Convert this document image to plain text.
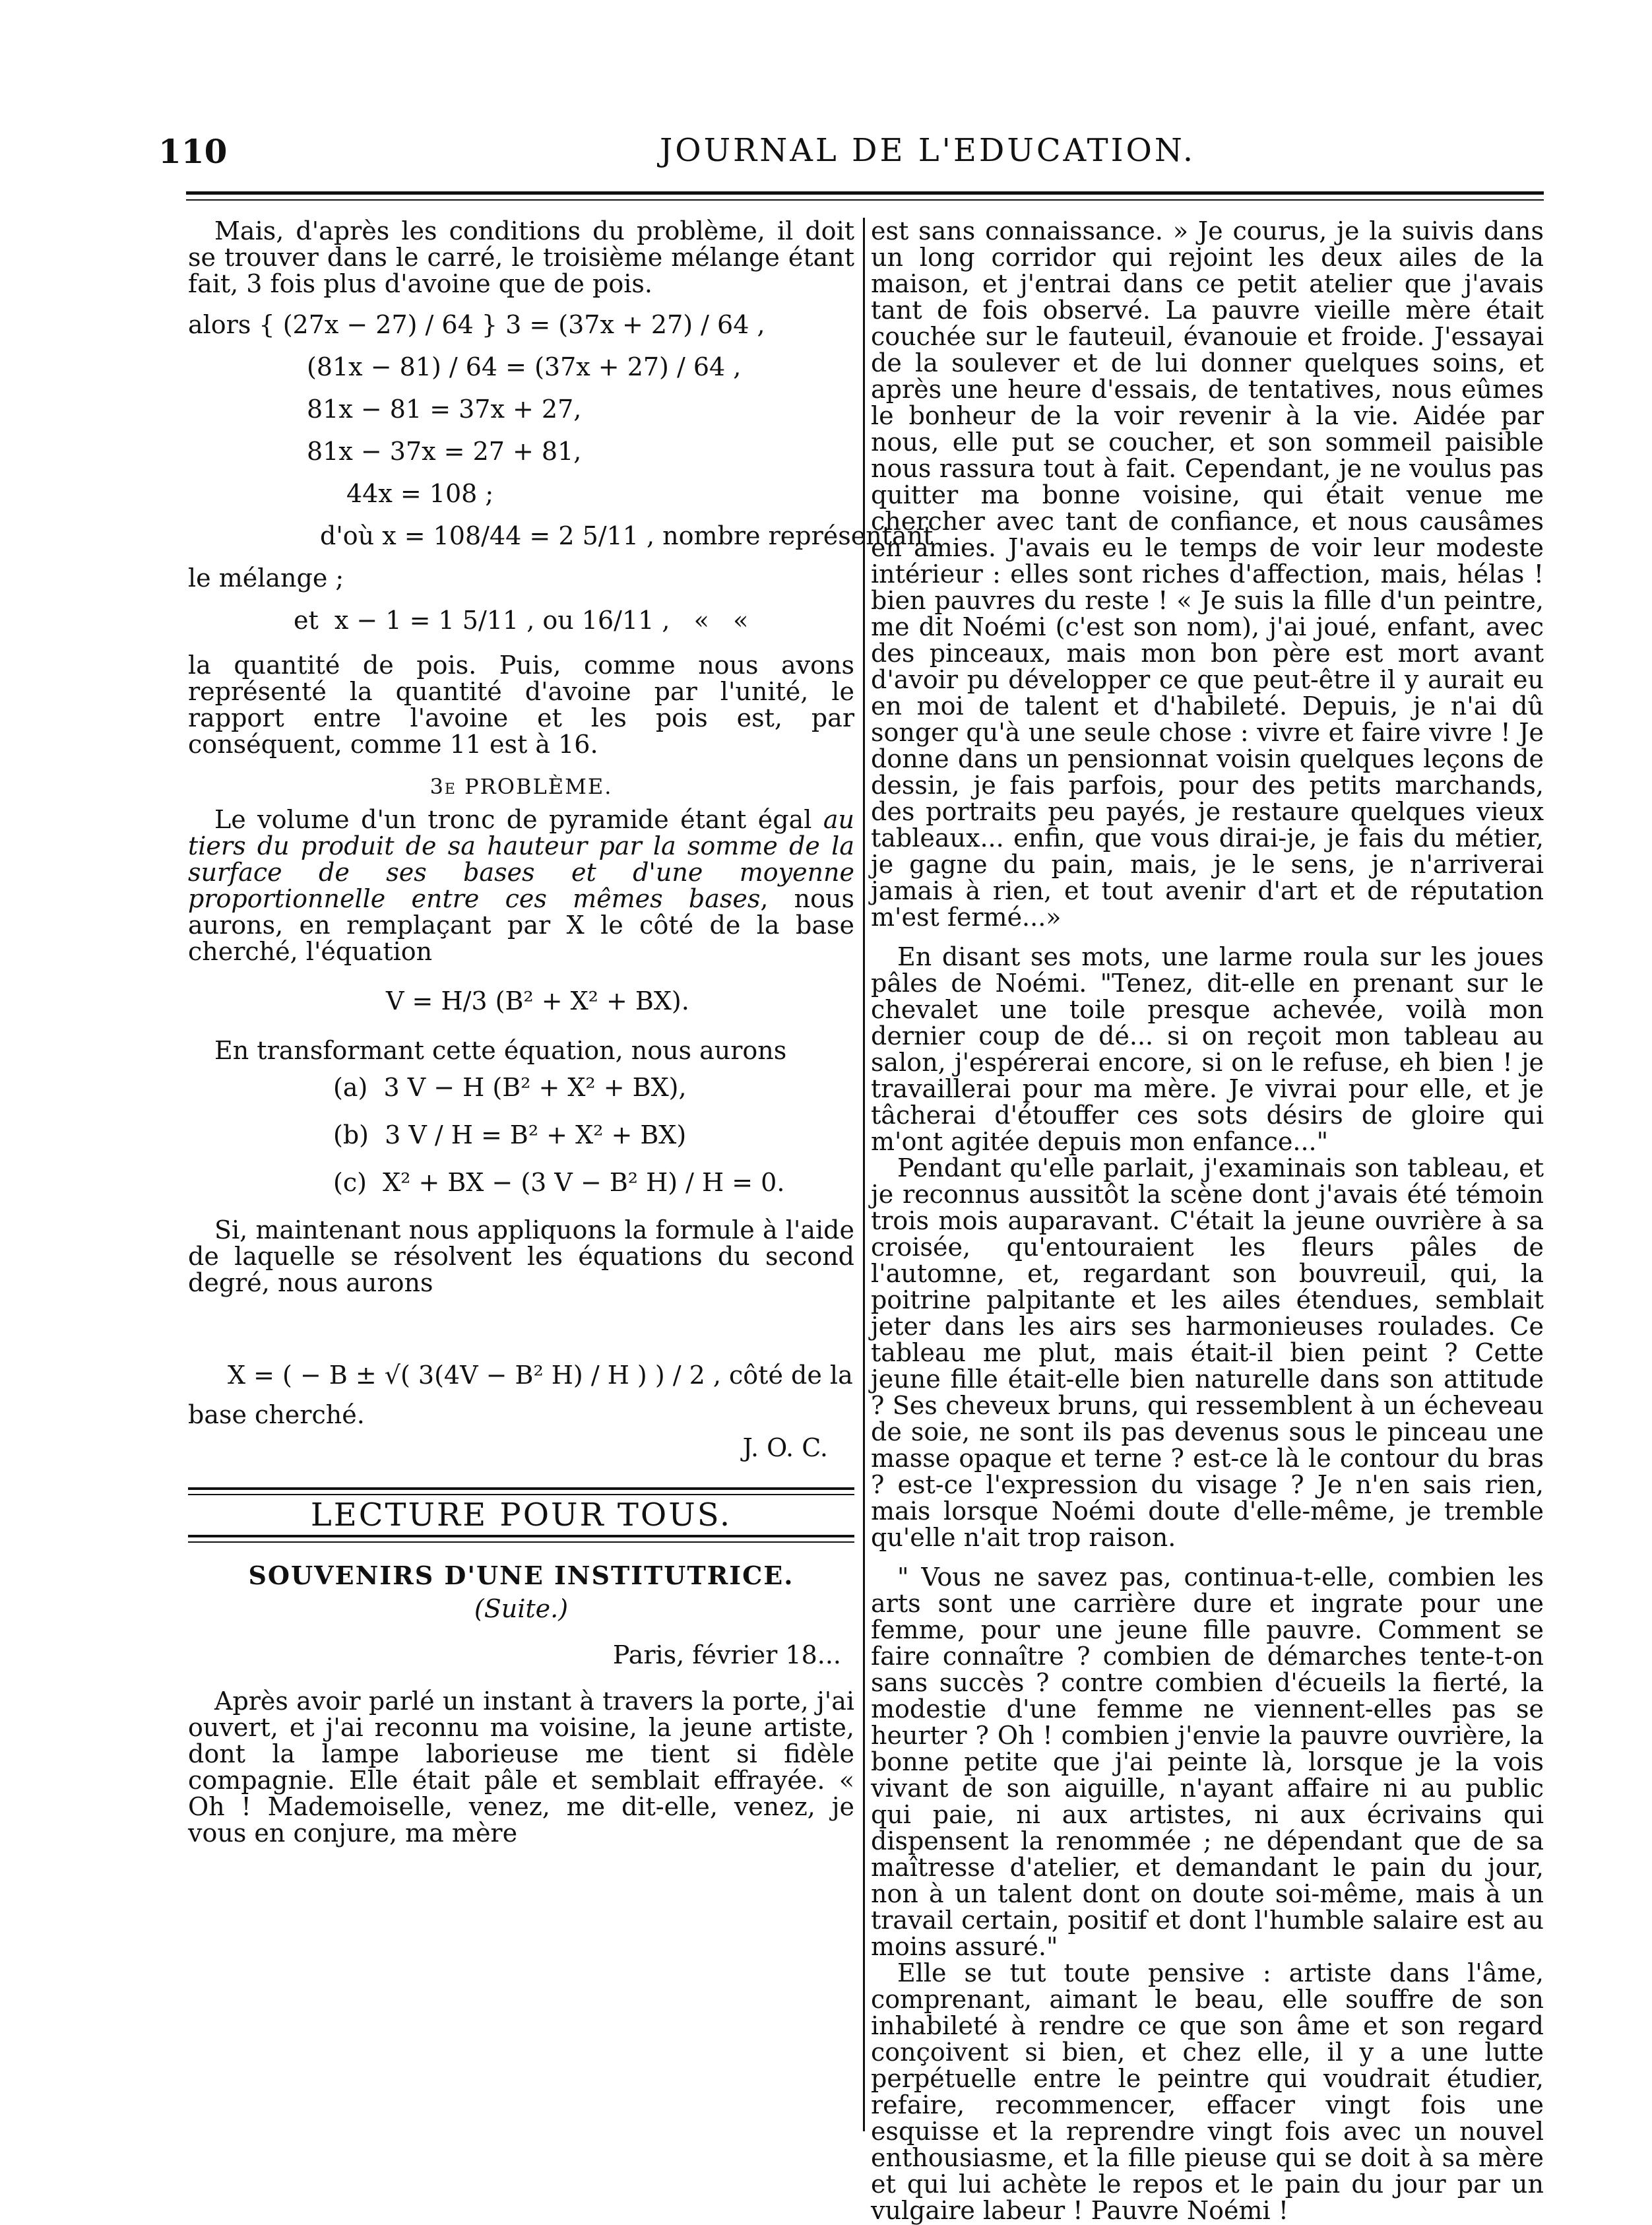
110	JOURNAL DE L'EDUCATION.

Mais, d'après les conditions du problème, il doit se trouver dans le carré, le troisième mélange étant fait, 3 fois plus d'avoine que de pois.

alors { (27x − 27) / 64 } 3 = (37x + 27) / 64 ,

(81x − 81) / 64 = (37x + 27) / 64 ,

81x − 81 = 37x + 27,

81x − 37x = 27 + 81,

44x = 108 ;

d'où x = 108/44 = 2 5/11 , nombre représentant

le mélange ;

et  x − 1 = 1 5/11 , ou 16/11 ,   «   «

la quantité de pois. Puis, comme nous avons représenté la quantité d'avoine par l'unité, le rapport entre l'avoine et les pois est, par conséquent, comme 11 est à 16.

3e PROBLÈME.

Le volume d'un tronc de pyramide étant égal au tiers du produit de sa hauteur par la somme de la surface de ses bases et d'une moyenne proportionnelle entre ces mêmes bases, nous aurons, en remplaçant par X le côté de la base cherché, l'équation

V = H/3 (B² + X² + BX).

En transformant cette équation, nous aurons

(a)  3 V − H (B² + X² + BX),

(b)  3 V / H = B² + X² + BX)

(c)  X² + BX − (3 V − B² H) / H = 0.

Si, maintenant nous appliquons la formule à l'aide de laquelle se résolvent les équations du second degré, nous aurons

X = ( − B ± √( 3(4V − B² H) / H ) ) / 2 , côté de la

base cherché.

J. O. C.

LECTURE POUR TOUS.

SOUVENIRS D'UNE INSTITUTRICE.

(Suite.)

Paris, février 18...

Après avoir parlé un instant à travers la porte, j'ai ouvert, et j'ai reconnu ma voisine, la jeune artiste, dont la lampe laborieuse me tient si fidèle compagnie. Elle était pâle et semblait effrayée. « Oh ! Mademoiselle, venez, me dit-elle, venez, je vous en conjure, ma mère

est sans connaissance. » Je courus, je la suivis dans un long corridor qui rejoint les deux ailes de la maison, et j'entrai dans ce petit atelier que j'avais tant de fois observé. La pauvre vieille mère était couchée sur le fauteuil, évanouie et froide. J'essayai de la soulever et de lui donner quelques soins, et après une heure d'essais, de tentatives, nous eûmes le bonheur de la voir revenir à la vie. Aidée par nous, elle put se coucher, et son sommeil paisible nous rassura tout à fait. Cependant, je ne voulus pas quitter ma bonne voisine, qui était venue me chercher avec tant de confiance, et nous causâmes en amies. J'avais eu le temps de voir leur modeste intérieur : elles sont riches d'affection, mais, hélas ! bien pauvres du reste ! « Je suis la fille d'un peintre, me dit Noémi (c'est son nom), j'ai joué, enfant, avec des pinceaux, mais mon bon père est mort avant d'avoir pu développer ce que peut-être il y aurait eu en moi de talent et d'habileté. Depuis, je n'ai dû songer qu'à une seule chose : vivre et faire vivre ! Je donne dans un pensionnat voisin quelques leçons de dessin, je fais parfois, pour des petits marchands, des portraits peu payés, je restaure quelques vieux tableaux... enfin, que vous dirai-je, je fais du métier, je gagne du pain, mais, je le sens, je n'arriverai jamais à rien, et tout avenir d'art et de réputation m'est fermé...»

En disant ses mots, une larme roula sur les joues pâles de Noémi. "Tenez, dit-elle en prenant sur le chevalet une toile presque achevée, voilà mon dernier coup de dé... si on reçoit mon tableau au salon, j'espérerai encore, si on le refuse, eh bien ! je travaillerai pour ma mère. Je vivrai pour elle, et je tâcherai d'étouffer ces sots désirs de gloire qui m'ont agitée depuis mon enfance..."

Pendant qu'elle parlait, j'examinais son tableau, et je reconnus aussitôt la scène dont j'avais été témoin trois mois auparavant. C'était la jeune ouvrière à sa croisée, qu'entouraient les fleurs pâles de l'automne, et, regardant son bouvreuil, qui, la poitrine palpitante et les ailes étendues, semblait jeter dans les airs ses harmonieuses roulades. Ce tableau me plut, mais était-il bien peint ? Cette jeune fille était-elle bien naturelle dans son attitude ? Ses cheveux bruns, qui ressemblent à un écheveau de soie, ne sont ils pas devenus sous le pinceau une masse opaque et terne ? est-ce là le contour du bras ? est-ce l'expression du visage ? Je n'en sais rien, mais lorsque Noémi doute d'elle-même, je tremble qu'elle n'ait trop raison.

" Vous ne savez pas, continua-t-elle, combien les arts sont une carrière dure et ingrate pour une femme, pour une jeune fille pauvre. Comment se faire connaître ? combien de démarches tente-t-on sans succès ? contre combien d'écueils la fierté, la modestie d'une femme ne viennent-elles pas se heurter ? Oh ! combien j'envie la pauvre ouvrière, la bonne petite que j'ai peinte là, lorsque je la vois vivant de son aiguille, n'ayant affaire ni au public qui paie, ni aux artistes, ni aux écrivains qui dispensent la renommée ; ne dépendant que de sa maîtresse d'atelier, et demandant le pain du jour, non à un talent dont on doute soi-même, mais à un travail certain, positif et dont l'humble salaire est au moins assuré."

Elle se tut toute pensive : artiste dans l'âme, comprenant, aimant le beau, elle souffre de son inhabileté à rendre ce que son âme et son regard conçoivent si bien, et chez elle, il y a une lutte perpétuelle entre le peintre qui voudrait étudier, refaire, recommencer, effacer vingt fois une esquisse et la reprendre vingt fois avec un nouvel enthousiasme, et la fille pieuse qui se doit à sa mère et qui lui achète le repos et le pain du jour par un vulgaire labeur ! Pauvre Noémi !
